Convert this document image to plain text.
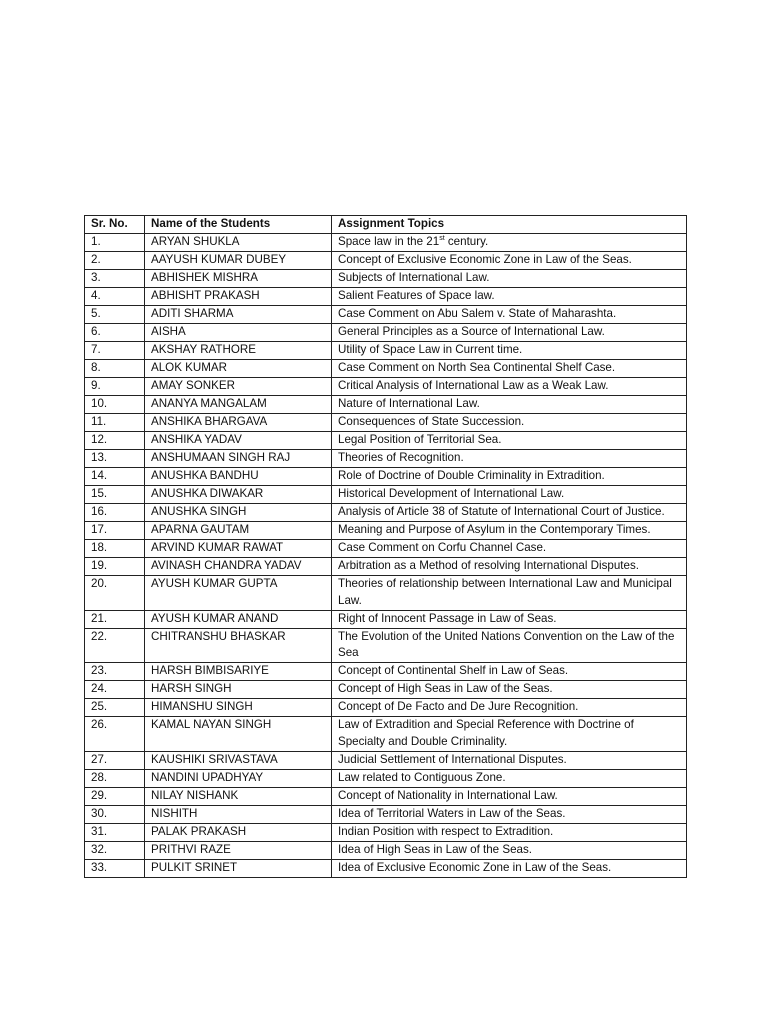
Sr. No.	Name of the Students	Assignment Topics
1.	ARYAN SHUKLA	Space law in the 21st century.
2.	AAYUSH KUMAR DUBEY	Concept of Exclusive Economic Zone in Law of the Seas.
3.	ABHISHEK MISHRA	Subjects of International Law.
4.	ABHISHT PRAKASH	Salient Features of Space law.
5.	ADITI SHARMA	Case Comment on Abu Salem v. State of Maharashta.
6.	AISHA	General Principles as a Source of International Law.
7.	AKSHAY RATHORE	Utility of Space Law in Current time.
8.	ALOK KUMAR	Case Comment on North Sea Continental Shelf Case.
9.	AMAY SONKER	Critical Analysis of International Law as a Weak Law.
10.	ANANYA MANGALAM	Nature of International Law.
11.	ANSHIKA BHARGAVA	Consequences of State Succession.
12.	ANSHIKA YADAV	Legal Position of Territorial Sea.
13.	ANSHUMAAN SINGH RAJ	Theories of Recognition.
14.	ANUSHKA BANDHU	Role of Doctrine of Double Criminality in Extradition.
15.	ANUSHKA DIWAKAR	Historical Development of International Law.
16.	ANUSHKA SINGH	Analysis of Article 38 of Statute of International Court of Justice.
17.	APARNA GAUTAM	Meaning and Purpose of Asylum in the Contemporary Times.
18.	ARVIND KUMAR RAWAT	Case Comment on Corfu Channel Case.
19.	AVINASH CHANDRA YADAV	Arbitration as a Method of resolving International Disputes.
20.	AYUSH KUMAR GUPTA	Theories of relationship between International Law and Municipal Law.
21.	AYUSH KUMAR ANAND	Right of Innocent Passage in Law of Seas.
22.	CHITRANSHU BHASKAR	The Evolution of the United Nations Convention on the Law of the Sea
23.	HARSH BIMBISARIYE	Concept of Continental Shelf in Law of Seas.
24.	HARSH SINGH	Concept of High Seas in Law of the Seas.
25.	HIMANSHU SINGH	Concept of De Facto and De Jure Recognition.
26.	KAMAL NAYAN SINGH	Law of Extradition and Special Reference with Doctrine of Specialty and Double Criminality.
27.	KAUSHIKI SRIVASTAVA	Judicial Settlement of International Disputes.
28.	NANDINI UPADHYAY	Law related to Contiguous Zone.
29.	NILAY NISHANK	Concept of Nationality in International Law.
30.	NISHITH	Idea of Territorial Waters in Law of the Seas.
31.	PALAK PRAKASH	Indian Position with respect to Extradition.
32.	PRITHVI RAZE	Idea of High Seas in Law of the Seas.
33.	PULKIT SRINET	Idea of Exclusive Economic Zone in Law of the Seas.
